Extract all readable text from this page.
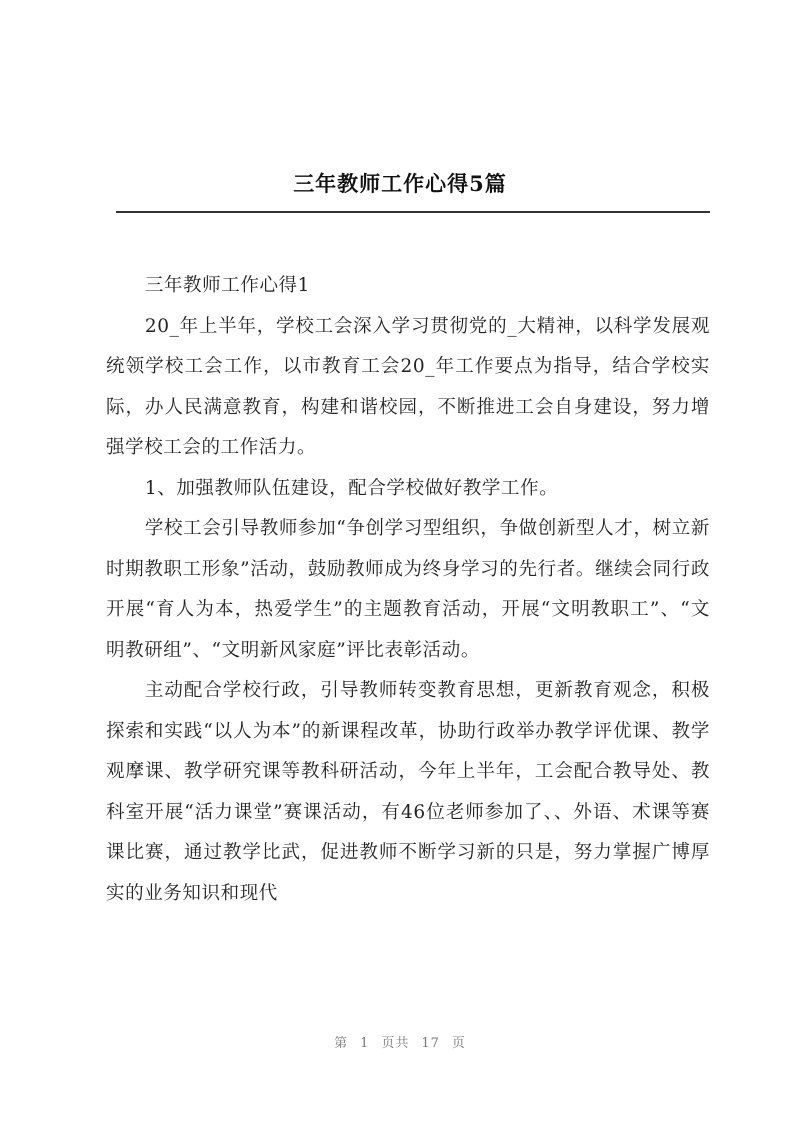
三年教师工作心得5篇

三年教师工作心得1

20_年上半年，学校工会深入学习贯彻党的_大精神，以科学发展观统领学校工会工作，以市教育工会20_年工作要点为指导，结合学校实际，办人民满意教育，构建和谐校园，不断推进工会自身建设，努力增强学校工会的工作活力。

1、加强教师队伍建设，配合学校做好教学工作。

学校工会引导教师参加“争创学习型组织，争做创新型人才，树立新时期教职工形象”活动，鼓励教师成为终身学习的先行者。继续会同行政开展“育人为本，热爱学生”的主题教育活动，开展“文明教职工”、“文明教研组”、“文明新风家庭”评比表彰活动。

主动配合学校行政，引导教师转变教育思想，更新教育观念，积极探索和实践“以人为本”的新课程改革，协助行政举办教学评优课、教学观摩课、教学研究课等教科研活动，今年上半年，工会配合教导处、教科室开展“活力课堂”赛课活动，有46位老师参加了、、外语、术课等赛课比赛，通过教学比武，促进教师不断学习新的只是，努力掌握广博厚实的业务知识和现代

第 1 页共 17 页
